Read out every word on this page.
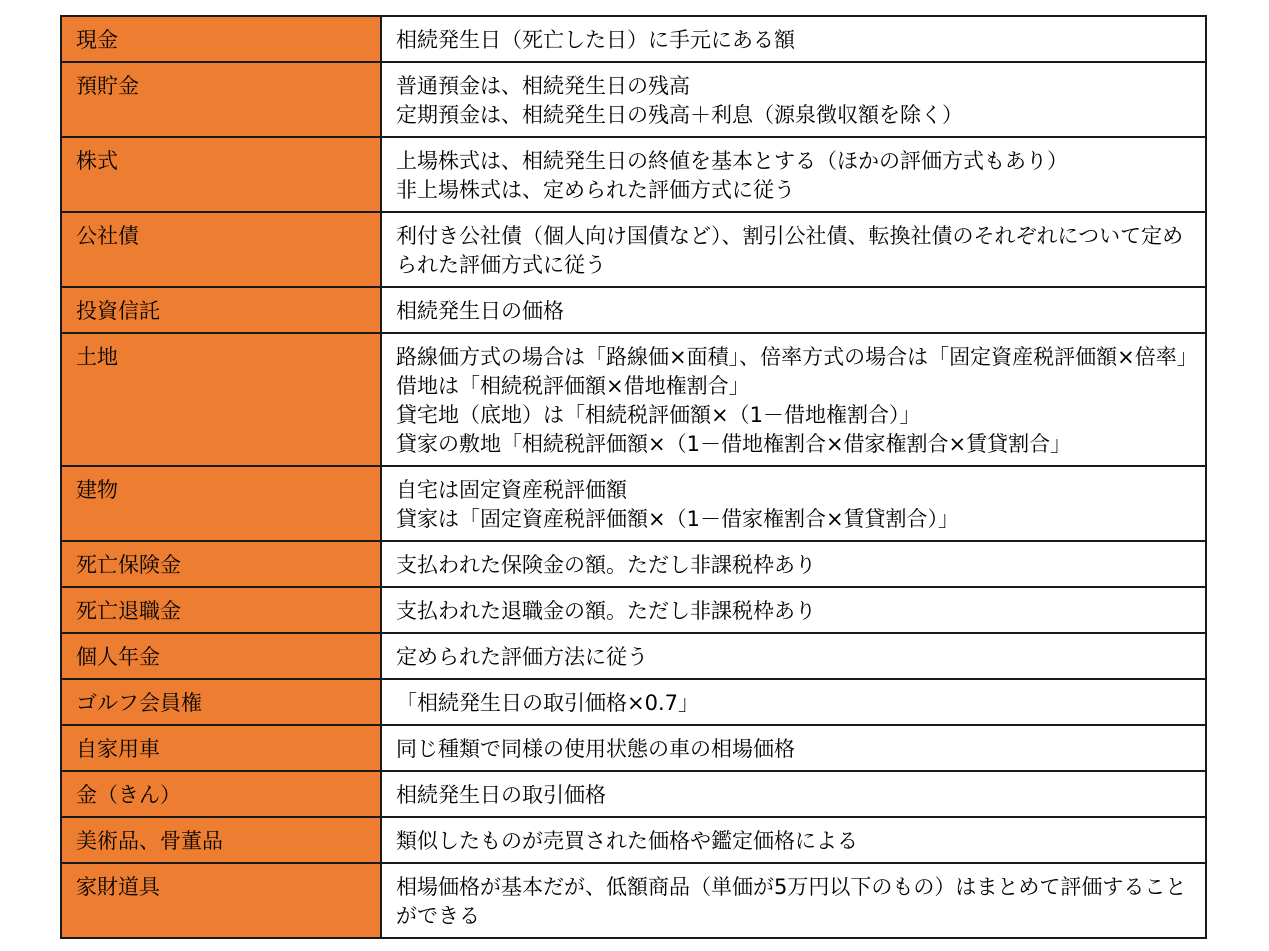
現金	相続発生日（死亡した日）に手元にある額

預貯金	普通預金は、相続発生日の残高
定期預金は、相続発生日の残高＋利息（源泉徴収額を除く）

株式	上場株式は、相続発生日の終値を基本とする（ほかの評価方式もあり）
非上場株式は、定められた評価方式に従う

公社債	利付き公社債（個人向け国債など）、割引公社債、転換社債のそれぞれについて定められた評価方式に従う

投資信託	相続発生日の価格

土地	路線価方式の場合は「路線価×面積」、倍率方式の場合は「固定資産税評価額×倍率」
借地は「相続税評価額×借地権割合」
貸宅地（底地）は「相続税評価額×（1－借地権割合）」
貸家の敷地「相続税評価額×（1－借地権割合×借家権割合×賃貸割合」

建物	自宅は固定資産税評価額
貸家は「固定資産税評価額×（1－借家権割合×賃貸割合）」

死亡保険金	支払われた保険金の額。ただし非課税枠あり

死亡退職金	支払われた退職金の額。ただし非課税枠あり

個人年金	定められた評価方法に従う

ゴルフ会員権	「相続発生日の取引価格×0.7」

自家用車	同じ種類で同様の使用状態の車の相場価格

金（きん）	相続発生日の取引価格

美術品、骨董品	類似したものが売買された価格や鑑定価格による

家財道具	相場価格が基本だが、低額商品（単価が5万円以下のもの）はまとめて評価することができる
